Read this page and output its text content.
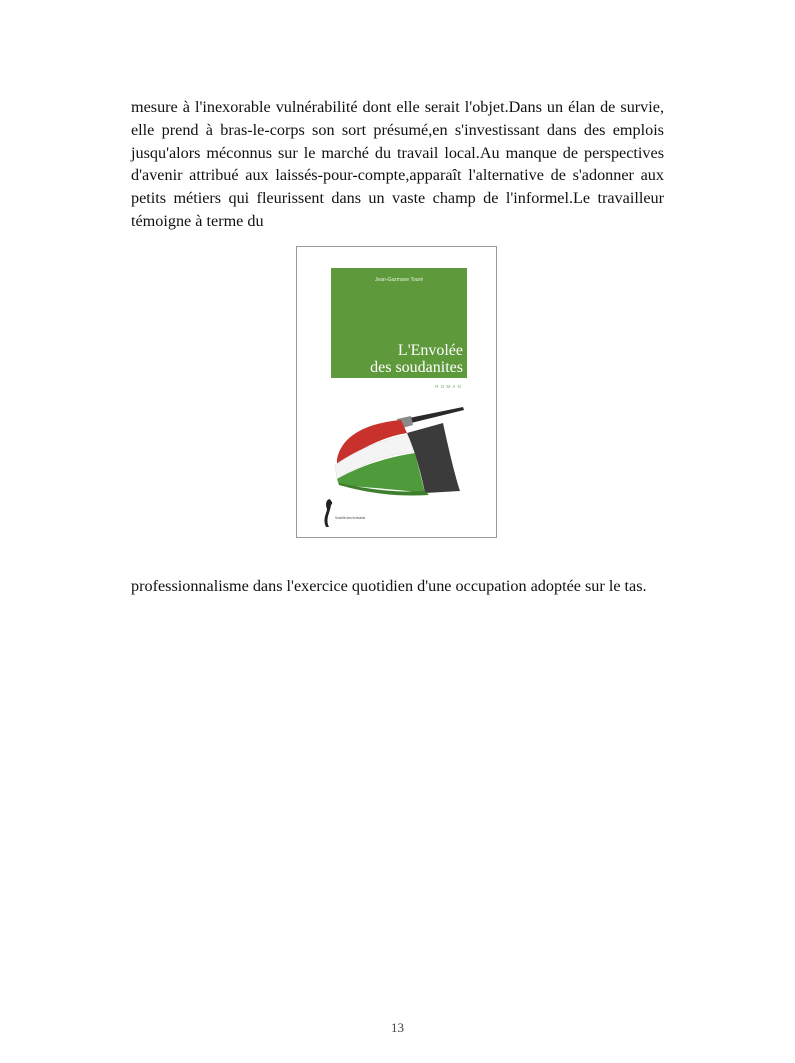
mesure à l'inexorable vulnérabilité dont elle serait l'objet.Dans un élan de survie, elle prend à bras-le-corps son sort présumé,en s'investissant dans des emplois jusqu'alors méconnus sur le marché du travail local.Au manque de perspectives d'avenir attribué aux laissés-pour-compte,apparaît l'alternative de s'adonner aux petits métiers qui fleurissent dans un vaste champ de l'informel.Le travailleur témoigne à terme du

Jean-Gazmane Touré
L'Envolée
des soudanites
ROMAN
Société des écrivains

professionnalisme dans l'exercice quotidien d'une occupation adoptée sur le tas.

13
